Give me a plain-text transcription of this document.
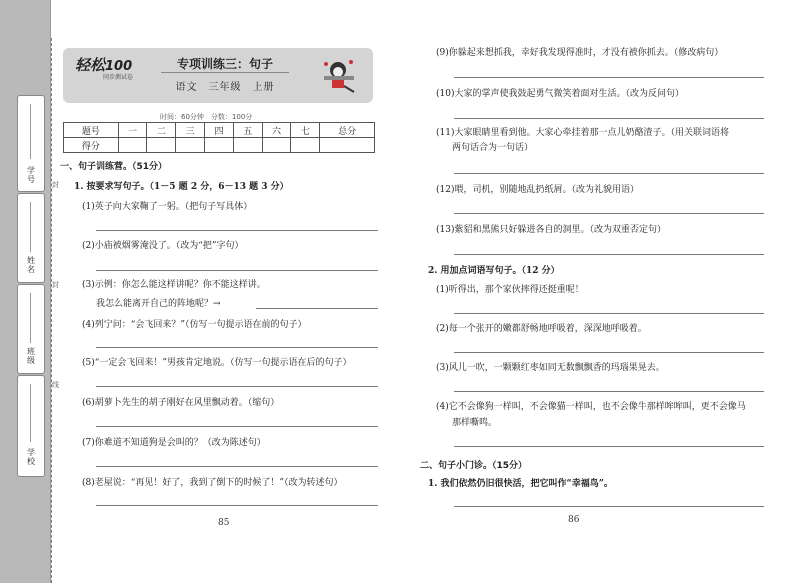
学
号
姓
名
班
级
学
校
封
封
线
轻松100
同步测试卷
专项训练三：句子
语文　三年级　上册
时间：60分钟　分数：100分
题号	一	二	三	四	五	六	七	总分
得分								
一、句子训练营。（51分）
1. 按要求写句子。（1－5 题 2 分，6－13 题 3 分）
(1)英子向大家鞠了一躬。（把句子写具体）
(2)小庙被烟雾淹没了。（改为“把”字句）
(3)示例：你怎么能这样讲呢？你不能这样讲。
我怎么能离开自己的阵地呢？→
(4)列宁问：“会飞回来？”（仿写一句提示语在前的句子）
(5)“一定会飞回来！”男孩肯定地说。（仿写一句提示语在后的句子）
(6)胡萝卜先生的胡子刚好在风里飘动着。（缩句）
(7)你难道不知道狗是会叫的？（改为陈述句）
(8)老屋说：“再见！好了，我到了倒下的时候了！”（改为转述句）
85
(9)你躲起来想抓我，幸好我发现得准时，才没有被你抓去。（修改病句）
(10)大家的掌声使我鼓起勇气微笑着面对生活。（改为反问句）
(11)大家眼睛里看到他。大家心牵挂着那一点儿奶酪渣子。（用关联词语将
两句话合为一句话）
(12)喂，司机，别随地乱扔纸屑。（改为礼貌用语）
(13)紫貂和黑熊只好躲进各自的洞里。（改为双重否定句）
2. 用加点词语写句子。（12 分）
(1)听得出，那个家伙摔得还挺重呢！
(2)每一个张开的嫩都舒畅地呼吸着，深深地呼吸着。
(3)风儿一吹，一颗颗红枣如同无数飘飘香的玛瑙果晃去。
(4)它不会像狗一样叫，不会像猫一样叫，也不会像牛那样哞哞叫，更不会像马
那样嘶鸣。
二、句子小门诊。（15分）
1. 我们依然仍旧很快活，把它叫作“幸福鸟”。
86
